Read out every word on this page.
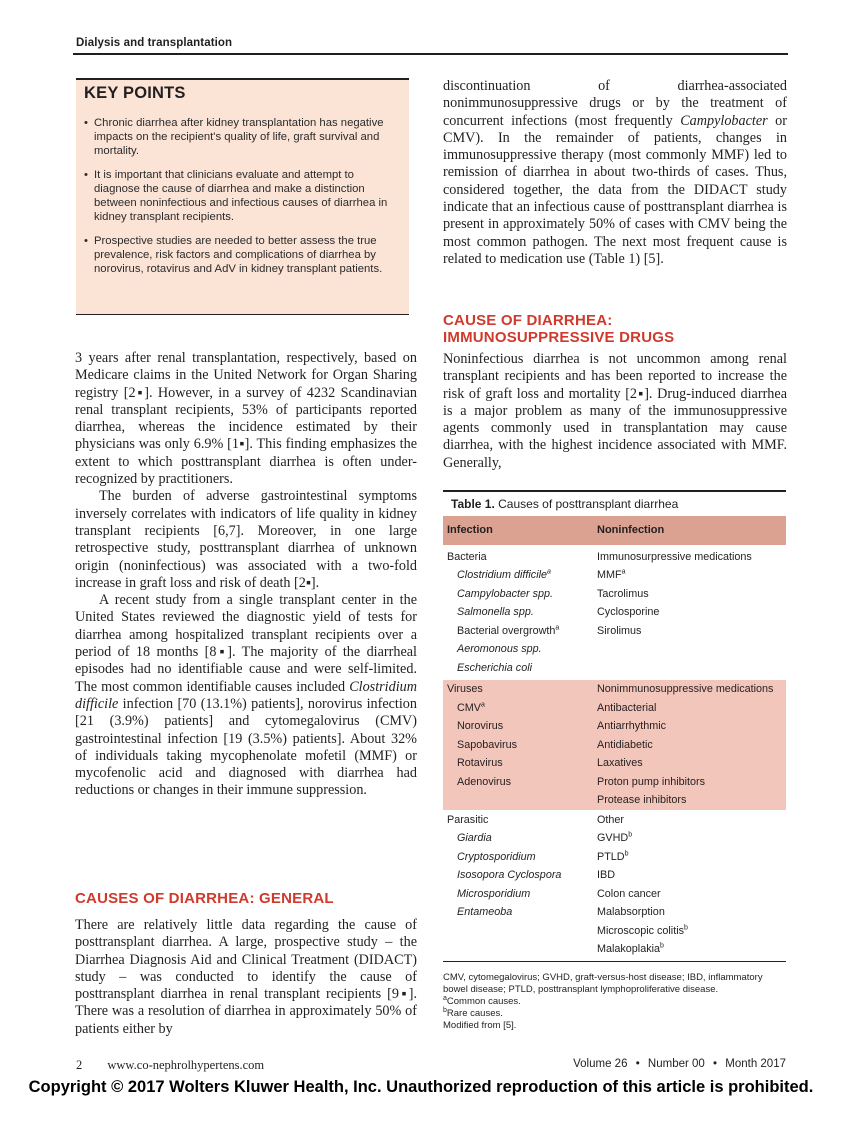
Dialysis and transplantation
KEY POINTS
• Chronic diarrhea after kidney transplantation has negative impacts on the recipient's quality of life, graft survival and mortality.
• It is important that clinicians evaluate and attempt to diagnose the cause of diarrhea and make a distinction between noninfectious and infectious causes of diarrhea in kidney transplant recipients.
• Prospective studies are needed to better assess the true prevalence, risk factors and complications of diarrhea by norovirus, rotavirus and AdV in kidney transplant patients.

3 years after renal transplantation, respectively, based on Medicare claims in the United Network for Organ Sharing registry [2▪]. However, in a survey of 4232 Scandinavian renal transplant recipients, 53% of participants reported diarrhea, whereas the incidence estimated by their physicians was only 6.9% [1▪]. This finding emphasizes the extent to which posttransplant diarrhea is often under-recognized by practitioners.

The burden of adverse gastrointestinal symptoms inversely correlates with indicators of life quality in kidney transplant recipients [6,7]. Moreover, in one large retrospective study, posttransplant diarrhea of unknown origin (noninfectious) was associated with a two-fold increase in graft loss and risk of death [2▪].

A recent study from a single transplant center in the United States reviewed the diagnostic yield of tests for diarrhea among hospitalized transplant recipients over a period of 18 months [8▪]. The majority of the diarrheal episodes had no identifiable cause and were self-limited. The most common identifiable causes included Clostridium difficile infection [70 (13.1%) patients], norovirus infection [21 (3.9%) patients] and cytomegalovirus (CMV) gastrointestinal infection [19 (3.5%) patients]. About 32% of individuals taking mycophenolate mofetil (MMF) or mycofenolic acid and diagnosed with diarrhea had reductions or changes in their immune suppression.

CAUSES OF DIARRHEA: GENERAL

There are relatively little data regarding the cause of posttransplant diarrhea. A large, prospective study – the Diarrhea Diagnosis Aid and Clinical Treatment (DIDACT) study – was conducted to identify the cause of posttransplant diarrhea in renal transplant recipients [9▪]. There was a resolution of diarrhea in approximately 50% of patients either by

discontinuation of diarrhea-associated nonimmunosuppressive drugs or by the treatment of concurrent infections (most frequently Campylobacter or CMV). In the remainder of patients, changes in immunosuppressive therapy (most commonly MMF) led to remission of diarrhea in about two-thirds of cases. Thus, considered together, the data from the DIDACT study indicate that an infectious cause of posttransplant diarrhea is present in approximately 50% of cases with CMV being the most common pathogen. The next most frequent cause is related to medication use (Table 1) [5].

CAUSE OF DIARRHEA:
IMMUNOSUPPRESSIVE DRUGS

Noninfectious diarrhea is not uncommon among renal transplant recipients and has been reported to increase the risk of graft loss and mortality [2▪]. Drug-induced diarrhea is a major problem as many of the immunosuppressive agents commonly used in transplantation may cause diarrhea, with the highest incidence associated with MMF. Generally,

Table 1. Causes of posttransplant diarrhea
Infection	Noninfection
Bacteria
Clostridium difficile$^a$
Campylobacter spp.
Salmonella spp.
Bacterial overgrowth$^a$
Aeromonous spp.
Escherichia coli
Immunosurpressive medications
MMF$^a$
Tacrolimus
Cyclosporine
Sirolimus
Viruses
CMV$^a$
Norovirus
Sapobavirus
Rotavirus
Adenovirus
Nonimmunosuppressive medications
Antibacterial
Antiarrhythmic
Antidiabetic
Laxatives
Proton pump inhibitors
Protease inhibitors
Parasitic
Giardia
Cryptosporidium
Isosopora Cyclospora
Microsporidium
Entameoba
Other
GVHD$^b$
PTLD$^b$
IBD
Colon cancer
Malabsorption
Microscopic colitis$^b$
Malakoplakia$^b$
CMV, cytomegalovirus; GVHD, graft-versus-host disease; IBD, inflammatory bowel disease; PTLD, posttransplant lymphoproliferative disease.
$^a$Common causes.
$^b$Rare causes.
Modified from [5].
2 www.co-nephrolhypertens.com	Volume 26 • Number 00 • Month 2017
Copyright © 2017 Wolters Kluwer Health, Inc. Unauthorized reproduction of this article is prohibited.
